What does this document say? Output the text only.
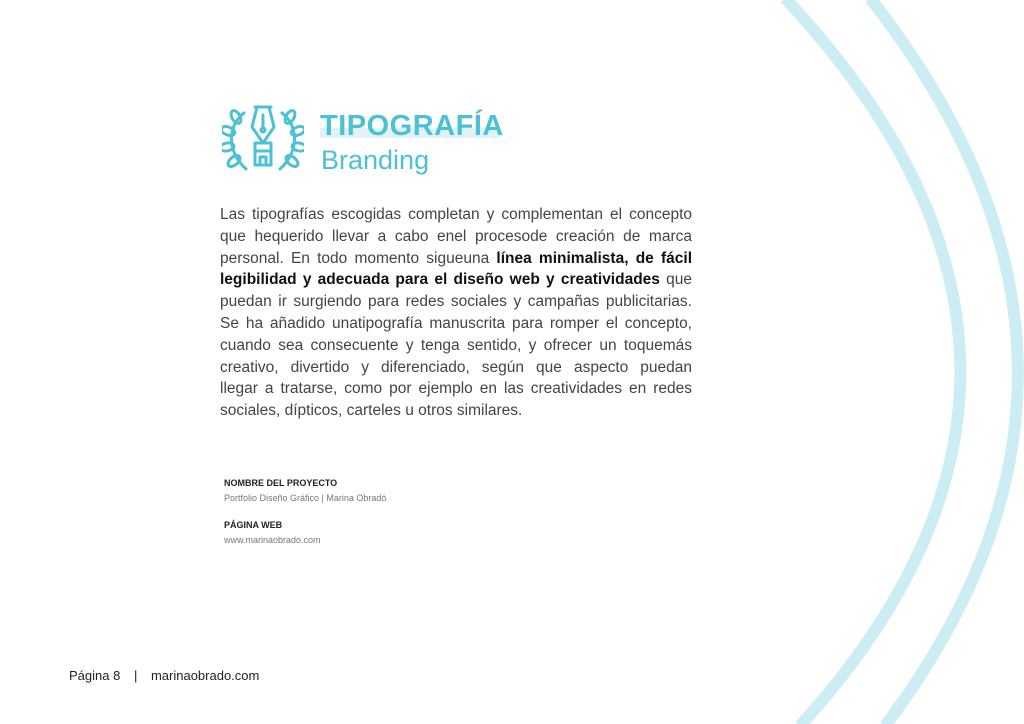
TIPOGRAFÍA
Branding
Las tipografías escogidas completan y complementan el concepto
que hequerido llevar a cabo enel procesode creación de marca
personal. En todo momento sigueuna línea minimalista, de fácil
legibilidad y adecuada para el diseño web y creatividades que
puedan ir surgiendo para redes sociales y campañas publicitarias.
Se ha añadido unatipografía manuscrita para romper el concepto,
cuando sea consecuente y tenga sentido, y ofrecer un toquemás
creativo, divertido y diferenciado, según que aspecto puedan
llegar a tratarse, como por ejemplo en las creatividades en redes
sociales, dípticos, carteles u otros similares.
NOMBRE DEL PROYECTO
Portfolio Diseño Gráfico | Marina Obradó
PÁGINA WEB
www.marinaobrado.com
Página 8 | marinaobrado.com
